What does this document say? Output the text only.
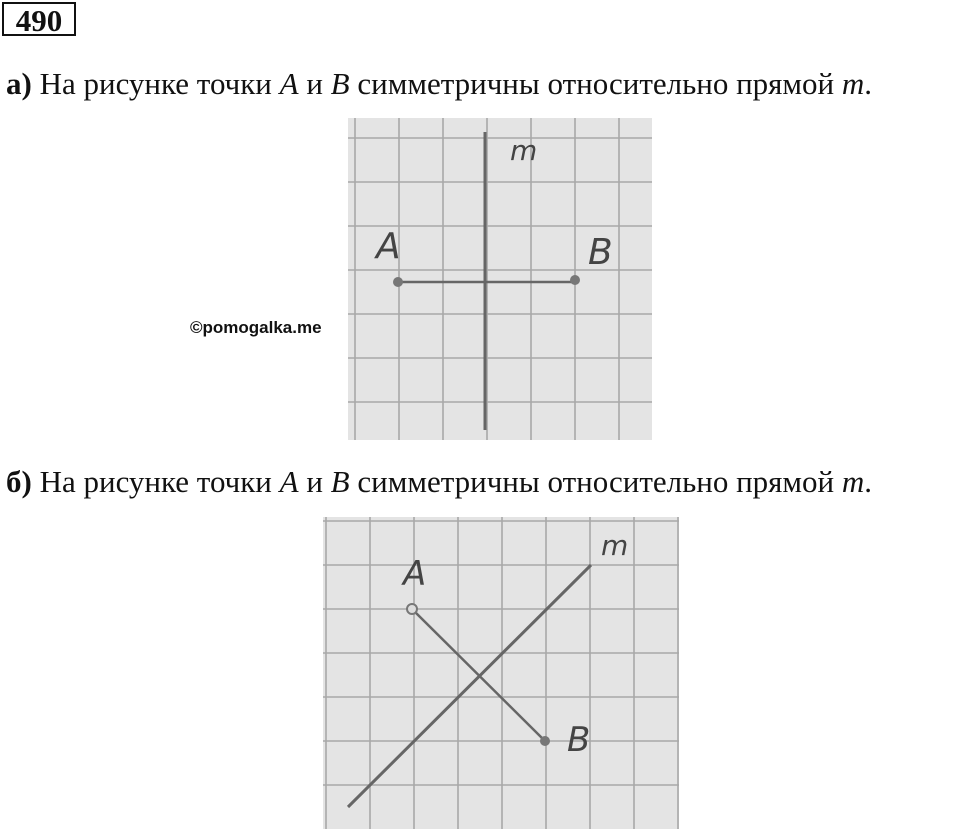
490
а) На рисунке точки A и B симметричны относительно прямой m.
m
A	B
©pomogalka.me
б) На рисунке точки A и B симметричны относительно прямой m.
m
A
B
